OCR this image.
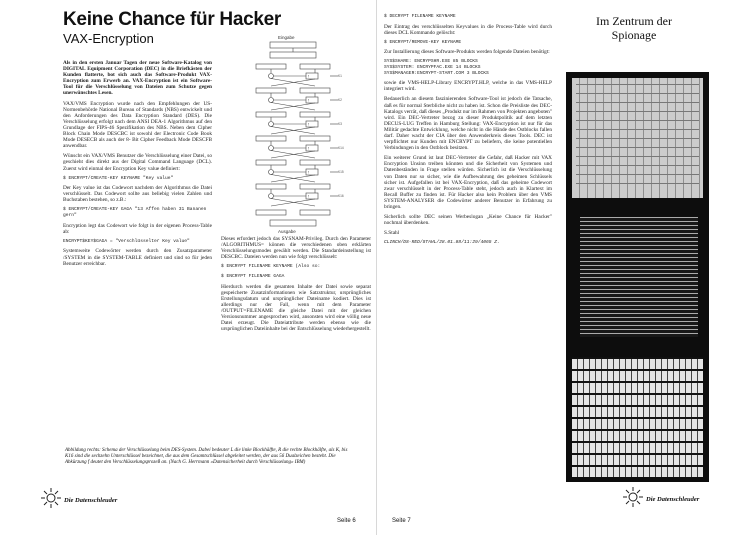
Keine Chance für Hacker
VAX-Encryption
Als in den ersten Januar Tagen der neue Software-Katalog von DIGITAL Equipment Corporation (DEC) in die Briefkästen der Kunden flatterte, bot sich auch das Software-Produkt VAX-Encryption zum Erwerb an. VAX-Encryption ist ein Software-Tool für die Verschlüsselung von Dateien zum Schutze gegen unerwünschtes Lesen.
VAX/VMS Encryption wurde nach den Empfehlungen der US-Normenbehörde National Bureau of Standards (NBS) entwickelt und den Anforderungen des Data Encryption Standard (DES). Die Verschlüsselung erfolgt nach dem ANSI DEA-1 Algorithmus auf den Grundlage der FIPS-46 Spezifikation des NBS. Neben dem Cipher Block Chain Mode DESCBC ist sowohl der Electronic Code Book Mode DESECB als auch der 8- Bit Cipher Feedback Mode DESCFB anwendbar.
Wünscht ein VAX/VMS Benutzer die Verschlüsselung einer Datei, so geschieht dies direkt aus der Digital Command Language (DCL). Zuerst wird einmal der Encryption Key value definiert:
$ ENCRYPT/CREATE-KEY KEYNAME "Key value"
Der Key value ist das Codewort nachdem der Algorithmus die Datei verschlüsselt. Das Codewort sollte aus beliebig vielen Zahlen und Buchstaben bestehen, so z.B.:
$ ENCRYPT/CREATE-KEY GAGA "13 Affen haben 31 Bananen gern"
Encryption legt das Codewort wie folgt in der eigenen Process-Table ab:
ENCRYPT$KEY$GAGA = "Verschlüsselter Key value"
Systemweite Codewörter werden durch den Zusatzparameter /SYSTEM in die SYSTEM-TABLE definiert und sind so für jeden Benutzer erreichbar.
Eingabe
K1
K2
K3
K14
K15
K16
f
f
f
f
f
f
Ausgabe
Dieses erfordert jedoch das SYSNAM-Privileg. Durch den Parameter /ALGORITHMUS= können die verschiedenen oben erklärten Verschlüsselungsmodes gewählt werden. Die Standardeinstellung ist DESCBC. Dateien werden nun wie folgt verschlüsselt:
$ ENCRYPT FILENAME KEYNAME (Also so:
$ ENCRYPT FILENAME GAGA
Hierdurch werden die gesamten Inhalte der Datei sowie separat gespeicherte Zusatzinformationen wie Satzstruktur, ursprüngliches Erstellungsdatum und ursprünglicher Dateiname kodiert. Dies ist allerdings nur der Fall, wenn mit dem Parameter /OUTPUT=FILENAME die gleiche Datei mit der gleichen Versionsnummer angesprochen wird, ansonsten wird eine völlig neue Datei erzeugt. Die Dateiattribute werden ebenso wie die ursprünglichen Dateiinhalte bei der Entschlüsselung wiederhergestellt.
Abbildung rechts: Schema der Verschlüsselung beim DES-System. Dabei bedeuter L die linke Blockhälfte, R die rechte Blockhälfte, als K, bis K16 sind die sechzehn Unterschlüssel bezeichnet, die aus dem Gesamtschlüssel abgeleitet werden, der aus 56 Dualzeichen besteht. Die Abkürzung f deutet den Verschlüsselungsprozeß an. (Nach G. Herrmann »Datensicherheit durch Verschlüsselung« IBM)
Die Datenschleuder
Seite 6
$ DECRYPT FILENAME KEYNAME
Der Eintrag des verschlüsselten Keyvalues in die Process-Table wird durch dieses DCL Kommando gelöscht:
$ ENCRYPT/REMOVE-KEY KEYNAME
Zur Installierung dieses Software-Produkts werden folgende Dateien benötigt:
SYS$SHARE: ENCRYPSHR.EXE 85 BLOCKS
SYS$SYSTEM: ENCRYPFAC.EXE 14 BLOCKS
SYS$MANAGER:ENCRYPT-START.COM 3 BLOCKS
sowie die VMS-HELP-Library ENCRYPT.HLP, welche in das VMS-HELP integriert wird.
Bedauerlich an diesem faszinierenden Software-Tool ist jedoch die Tatsache, daß es für normal Sterbliche nicht zu haben ist. Schon die Preisliste des DEC-Katalogs verrät, daß dieses „Produkt nur im Rahmen von Projekten angeboten" wird. Ein DEC-Vertreter bezog zu dieser Produktpolitik auf dem letzten DECUS-LUG Treffen in Hamburg Stellung: VAX-Encryption ist nur für das Militär gedachte Entwicklung, welche nicht in die Hände des Ostblocks fallen darf. Daher wacht der CIA über den Anwenderkreis dieses Tools. DEC ist verpflichtet nur Kunden mit ENCRYPT zu beliefern, die keine potentiellen Verbindungen in den Ostblock besitzen.
Ein weiterer Grund ist laut DEC-Vertreter die Gefahr, daß Hacker mit VAX Encryption Unsinn treiben könnten und die Sicherheit von Systemen und Datenbeständen in Frage stellen würden. Sicherlich ist die Verschlüsselung von Daten nur so sicher, wie die Aufbewahrung des geheimen Schlüssels sicher ist. Aufgefallen ist bei VAX-Encryption, daß das geheime Codewort zwar verschlüsselt in der Process-Table steht, jedoch auch in Klartext im Recall Buffer zu finden ist. Für Hacker also kein Problem über den VMS SYSTEM-ANALYSER die Codewörter anderer Benutzer in Erfahrung zu bringen.
Sicherlich sollte DEC seinen Werbeslogan „Keine Chance für Hacker" nochmal überdenken.
S.Stahl
CLINCH/DS-RED/STAHL/28.01.88/11:29/4065 Z.
Im Zentrum der Spionage
Seite 7
Die Datenschleuder
